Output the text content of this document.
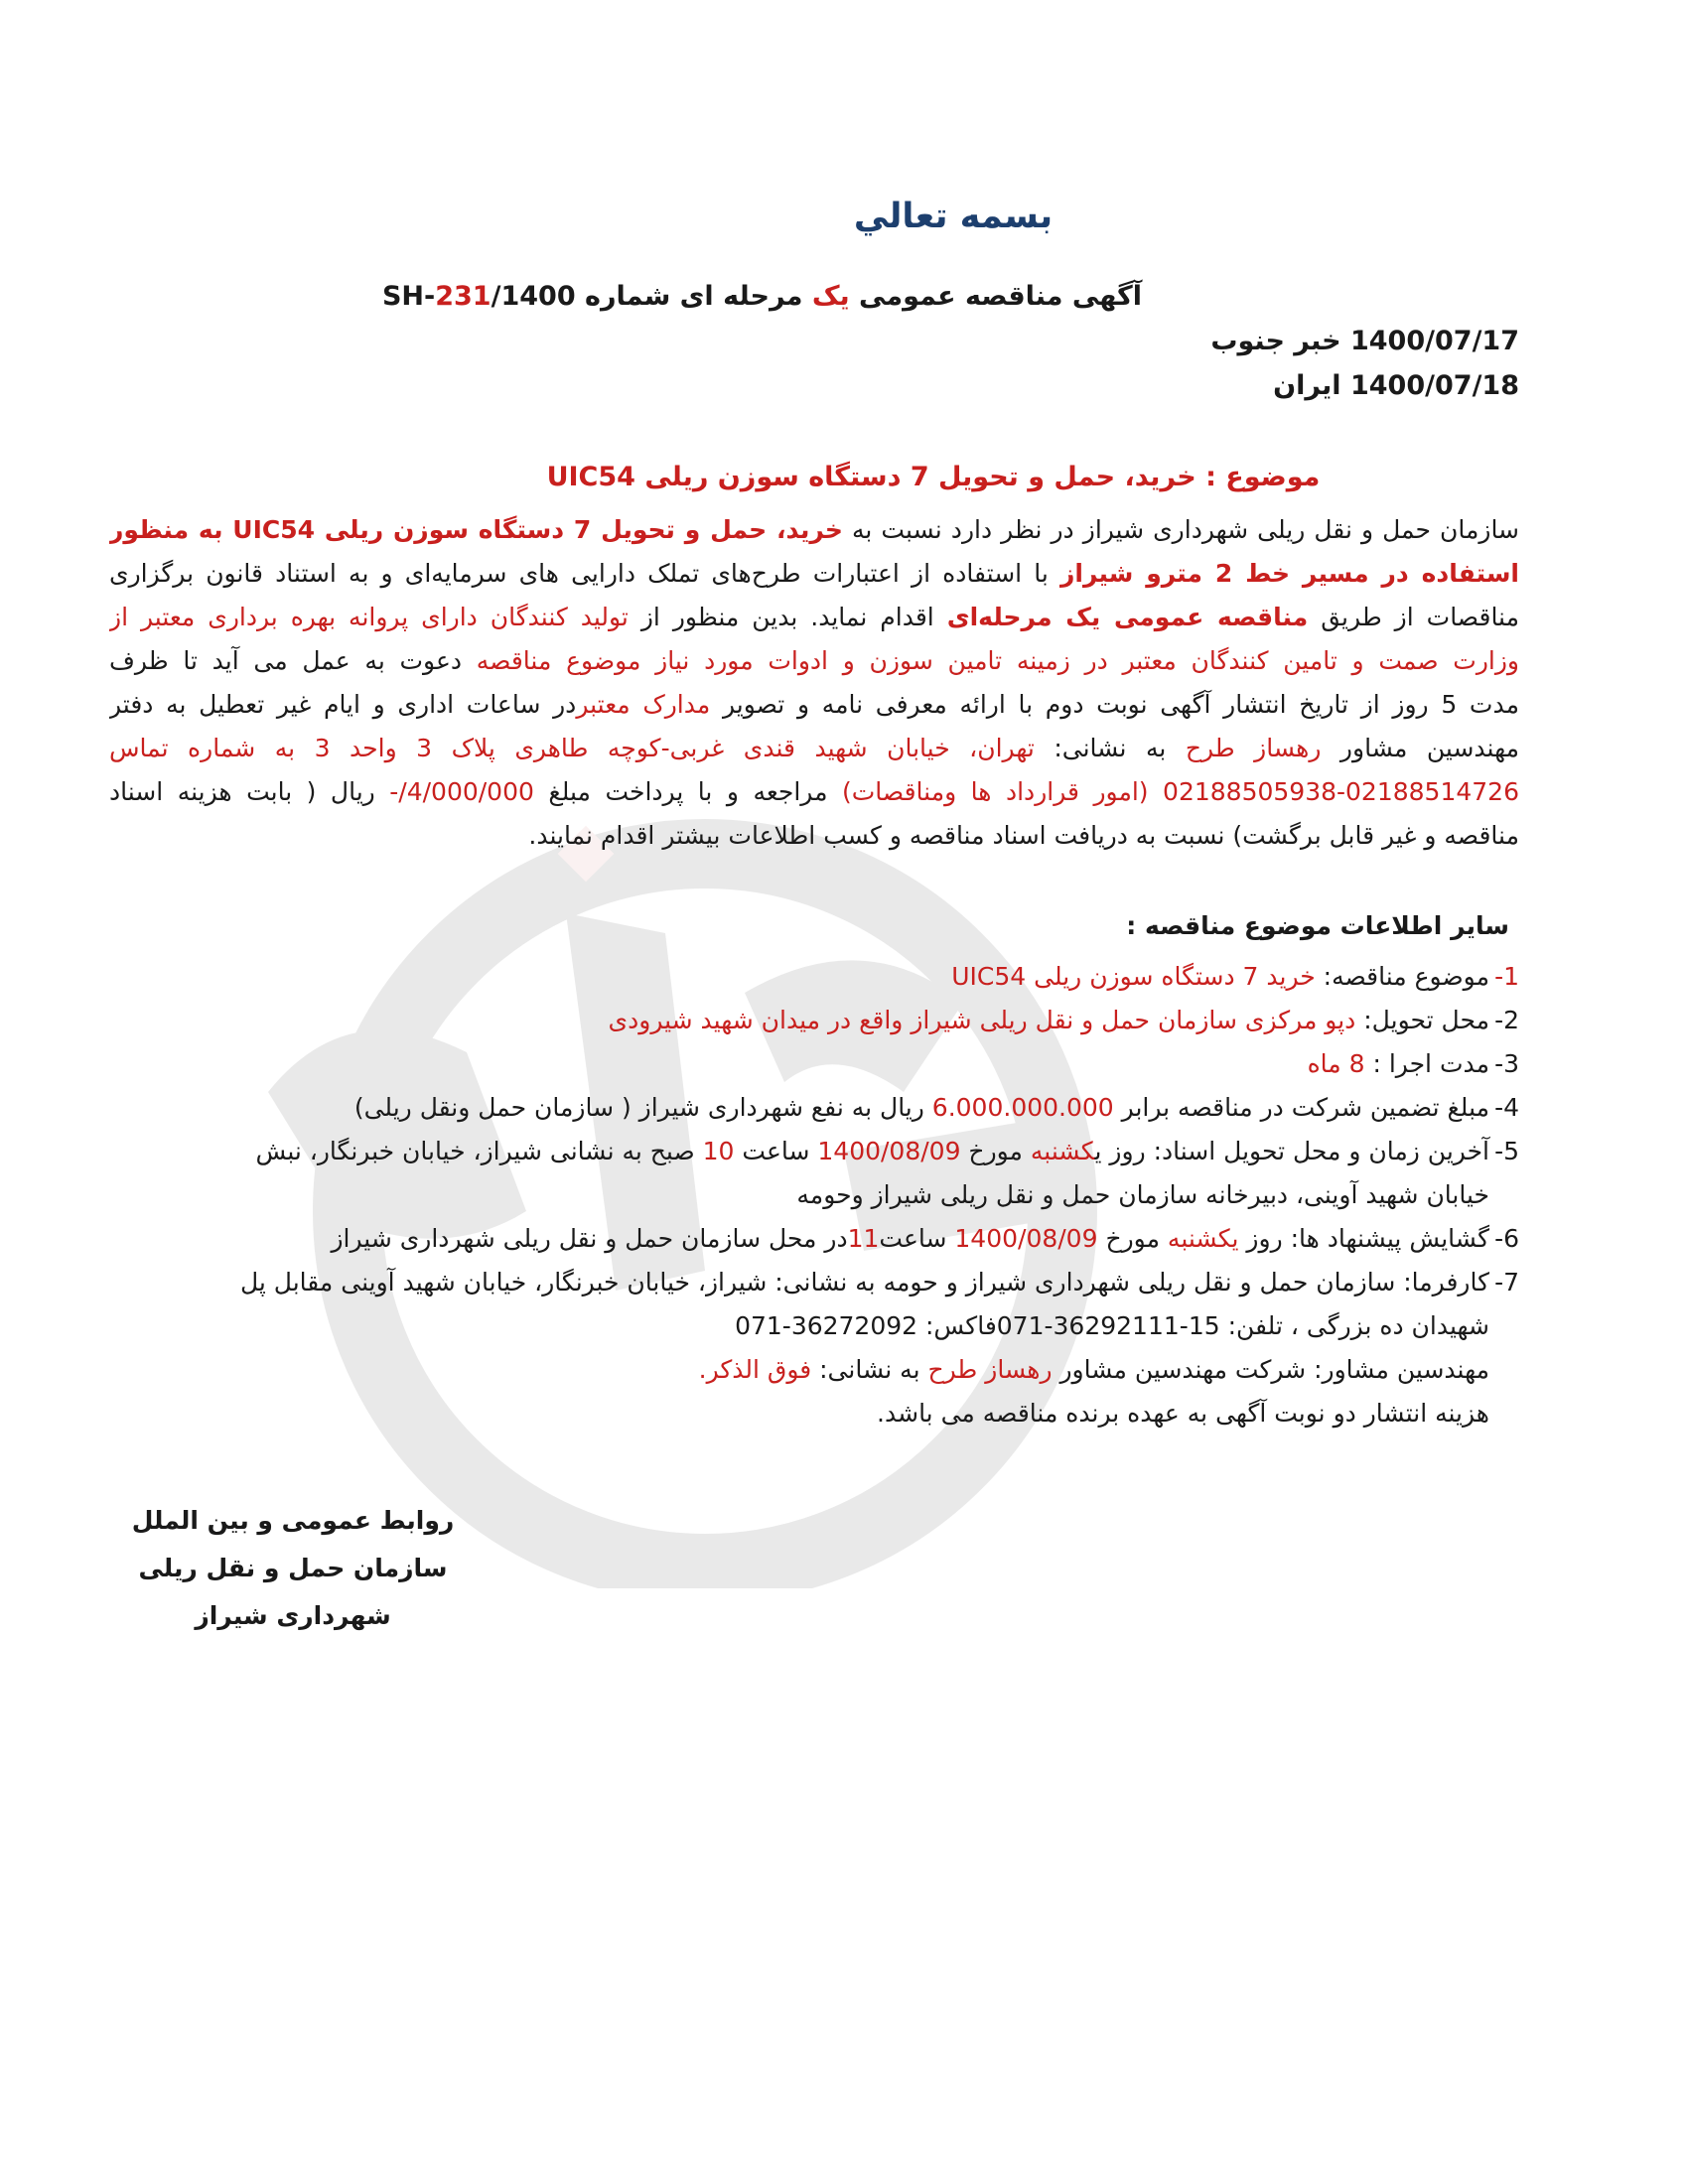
بسمه تعالي
آگهی مناقصه عمومی یک مرحله ای شماره SH-231/1400
1400/07/17 خبر جنوب
1400/07/18 ایران
موضوع : خرید، حمل و تحویل 7 دستگاه سوزن ریلی UIC54
سازمان حمل و نقل ریلی شهرداری شیراز در نظر دارد نسبت به خرید، حمل و تحویل 7 دستگاه سوزن ریلی UIC54 به منظور
استفاده در مسیر خط 2 مترو شیراز با استفاده از اعتبارات طرح‌های تملک دارایی های سرمایه‌ای و به استناد قانون برگزاری
مناقصات از طریق مناقصه عمومی یک مرحله‌ای اقدام نماید. بدین منظور از تولید کنندگان دارای پروانه بهره برداری معتبر از
وزارت صمت و تامین کنندگان معتبر در زمینه تامین سوزن و ادوات مورد نیاز موضوع مناقصه دعوت به عمل می آید تا ظرف
مدت 5 روز از تاریخ انتشار آگهی نوبت دوم با ارائه معرفی نامه و تصویر مدارک معتبردر ساعات اداری و ایام غیر تعطیل به دفتر
مهندسین مشاور رهساز طرح به نشانی: تهران، خیابان شهید قندی غربی-کوچه طاهری پلاک 3 واحد 3 به شماره تماس
02188505938-02188514726 (امور قرارداد ها ومناقصات) مراجعه و با پرداخت مبلغ -/4/000/000 ریال ( بابت هزینه اسناد
مناقصه و غیر قابل برگشت) نسبت به دریافت اسناد مناقصه و کسب اطلاعات بیشتر اقدام نمایند.
سایر اطلاعات موضوع مناقصه :
-1
موضوع مناقصه: خرید 7 دستگاه سوزن ریلی UIC54
-2
محل تحویل: دپو مرکزی سازمان حمل و نقل ریلی شیراز واقع در میدان شهید شیرودی
-3
مدت اجرا : 8 ماه
-4
مبلغ تضمین شرکت در مناقصه برابر 6.000.000.000 ریال به نفع شهرداری شیراز ( سازمان حمل ونقل ریلی)
-5
آخرین زمان و محل تحویل اسناد: روز یکشنبه مورخ 1400/08/09 ساعت 10 صبح به نشانی شیراز، خیابان خبرنگار، نبش
خیابان شهید آوینی، دبیرخانه سازمان حمل و نقل ریلی شیراز وحومه
-6
گشایش پیشنهاد ها: روز یکشنبه مورخ 1400/08/09 ساعت11در محل سازمان حمل و نقل ریلی شهرداری شیراز
-7
کارفرما: سازمان حمل و نقل ریلی شهرداری شیراز و حومه به نشانی: شیراز، خیابان خبرنگار، خیابان شهید آوینی مقابل پل
شهیدان ده بزرگی ، تلفن: 15-36292111-071فاکس: 36272092-071
مهندسین مشاور: شرکت مهندسین مشاور رهساز طرح به نشانی: فوق الذکر.
هزینه انتشار دو نوبت آگهی به عهده برنده مناقصه می باشد.
روابط عمومی و بین الملل
سازمان حمل و نقل ریلی شهرداری شیراز
